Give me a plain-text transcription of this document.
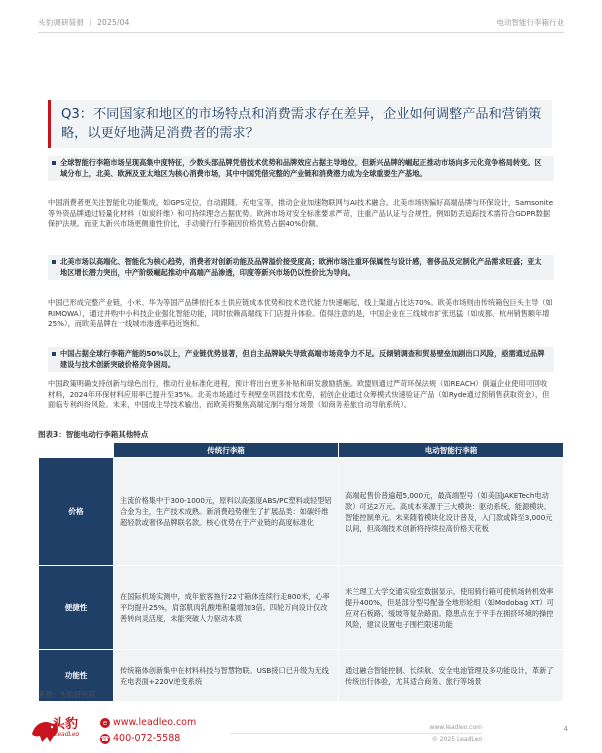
头豹调研简报 ｜ 2025/04	电动智能行李箱行业
Q3：不同国家和地区的市场特点和消费需求存在差异，企业如何调整产品和营销策略，以更好地满足消费者的需求？
全球智能行李箱市场呈现高集中度特征，少数头部品牌凭借技术优势和品牌效应占据主导地位，但新兴品牌的崛起正推动市场向多元化竞争格局转变。区域分布上，北美、欧洲及亚太地区为核心消费市场，其中中国凭借完整的产业链和消费潜力成为全球重要生产基地。
中国消费者更关注智能化功能集成，如GPS定位、自动跟随、充电宝等，推动企业加速物联网与AI技术融合。北美市场则偏好高端品牌与环保设计，Samsonite等外资品牌通过轻量化材料（如炭纤维）和可持续理念占据优势。欧洲市场对安全标准要求严苛，注重产品认证与合规性，例如防丢追踪技术需符合GDPR数据保护法规。而亚太新兴市场更侧重性价比，手动骑行行李箱因价格优势占据40%份额。
北美市场以高端化、智能化为核心趋势，消费者对创新功能及品牌溢价接受度高；欧洲市场注重环保属性与设计感，奢侈品及定制化产品需求旺盛；亚太地区增长潜力突出，中产阶级崛起推动中高端产品渗透，印度等新兴市场仍以性价比为导向。
中国已形成完整产业链，小米、华为等国产品牌依托本土供应链成本优势和技术迭代能力快速崛起，线上渠道占比达70%。欧美市场则由传统箱包巨头主导（如RIMOWA），通过并购中小科技企业强化智能功能，同时依赖高端线下门店提升体验。值得注意的是，中国企业在三线城市扩张迅猛（如成都、杭州销售额年增25%），而欧美品牌在一线城市渗透率趋近饱和。
中国占据全球行李箱产能的50%以上，产业链优势显著，但自主品牌缺失导致高端市场竞争力不足。反倾销调查和贸易壁垒加剧出口风险，亟需通过品牌建设与技术创新突破价格竞争困局。
中国政策明确支持创新与绿色出行，推动行业标准化进程，预计将出台更多补贴和研发激励措施。欧盟则通过严苛环保法规（如REACH）倒逼企业使用可回收材料，2024年环保材料应用率已提升至35%。北美市场通过专利壁垒巩固技术优势，初创企业通过众筹模式快速验证产品（如Ryde通过预销售获取资金），但面临专利纠纷风险。未来，中国成主导技术输出，而欧美将聚焦高端定制与细分场景（如商务差旅自动导航系统）。
图表3：智能电动行李箱其他特点
	传统行李箱	电动智能行李箱
价格	主流价格集中于300-1000元，原料以高强度ABS/PC塑料或轻型铝合金为主，生产技术成熟。新消费趋势催生了扩展品类：如碳纤维超轻款或奢侈品牌联名款。核心优势在于产业链的高度标准化	高端起售价普遍超5,000元，最高端型号（如美国JAKETech电动款）可达2万元。高成本来源于三大模块：驱动系统、能源模块、智能控制单元。未来随着模块化设计普及，入门款或降至3,000元以间，但高端技术创新将持续拉高价格天花板
便捷性	在国际机场实测中，成年旅客拖行22寸箱体连续行走800米，心率平均提升25%，肩部肌肉乳酸堆积量增加3倍。四轮万向设计仅改善转向灵活度，未能突破人力驱动本质	米兰理工大学交通实验室数据显示，使用骑行箱可使机场转机效率提升400%，但是部分型号配备全地形轮组（如Modobag XT）可应对石板路、缓坡等复杂路面。隐患点在于平手在拥挤环境的操控风险，建议设置电子围栏限速功能
功能性	传统箱体创新集中在材料科技与智慧物联。USB接口已升级为无线充电表面+220V逆变系统	通过融合智能控制、长续航、安全电池管理及多功能设计，革新了传统出行体验，尤其适合商务、旅行等场景
来源：头豹研究院
头豹
LeadLeo
e www.leadleo.com
☎ 400-072-5588
www.leadleo.com
© 2025 LeadLeo
4
